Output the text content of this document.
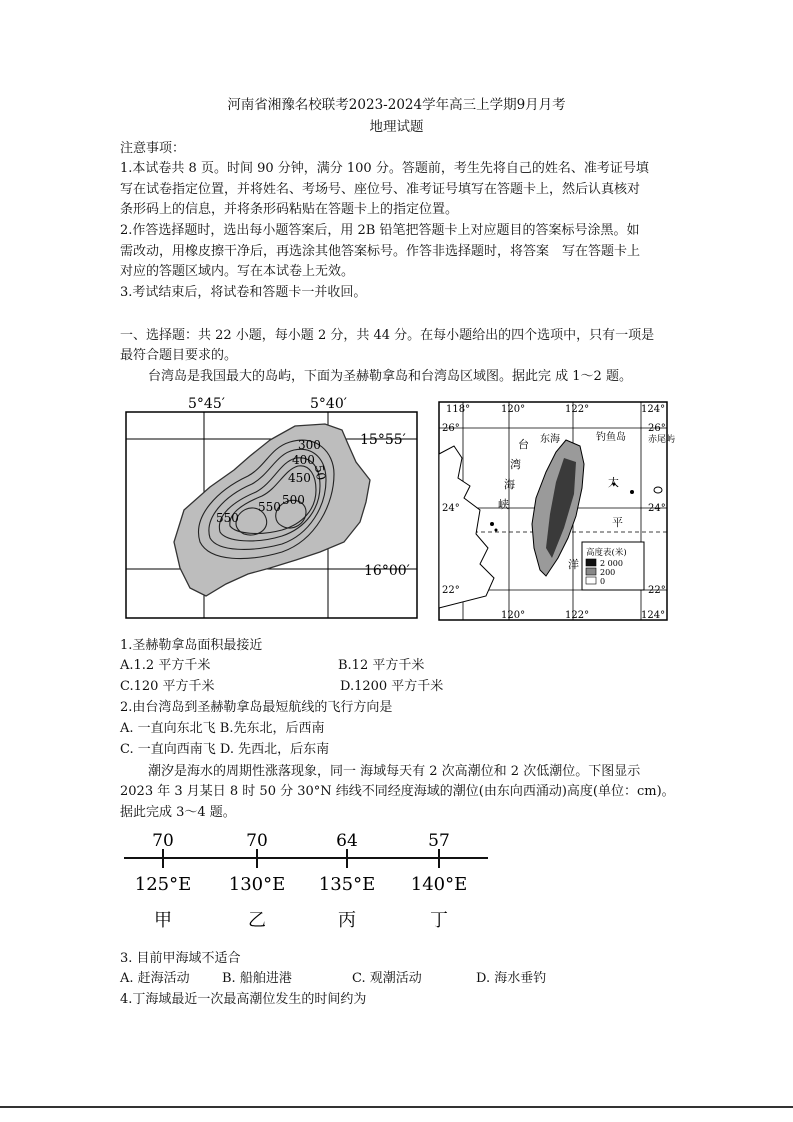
河南省湘豫名校联考2023-2024学年高三上学期9月月考
地理试题
注意事项：
1.本试卷共 8 页。时间 90 分钟，满分 100 分。答题前，考生先将自己的姓名、准考证号填
写在试卷指定位置，并将姓名、考场号、座位号、准考证号填写在答题卡上，然后认真核对
条形码上的信息，并将条形码粘贴在答题卡上的指定位置。
2.作答选择题时，选出每小题答案后，用 2B 铅笔把答题卡上对应题目的答案标号涂黑。如
需改动，用橡皮擦干净后，再选涂其他答案标号。作答非选择题时，将答案　写在答题卡上
对应的答题区域内。写在本试卷上无效。
3.考试结束后，将试卷和答题卡一并收回。
一、选择题：共 22 小题，每小题 2 分，共 44 分。在每小题给出的四个选项中，只有一项是
最符合题目要求的。
台湾岛是我国最大的岛屿，下面为圣赫勒拿岛和台湾岛区域图。据此完 成 1～2 题。
5°45′	5°40′
15°55′
16°00′
300
400
450
500
550
550
50
118°	120°	122°	124°
120°	122°	124°
26°
24°
22°
26°
24°
22°
东海	钓鱼岛 赤尾屿
台
湾
海
峡
太
平
洋
高度表(米)
2 000
200
0
1.圣赫勒拿岛面积最接近
A.1.2 平方千米	B.12 平方千米
C.120 平方千米	D.1200 平方千米
2.由台湾岛到圣赫勒拿岛最短航线的飞行方向是
A. 一直向东北飞 B.先东北，后西南
C. 一直向西南飞 D. 先西北，后东南
潮汐是海水的周期性涨落现象，同一 海域每天有 2 次高潮位和 2 次低潮位。下图显示
2023 年 3 月某日 8 时 50 分 30°N 纬线不同经度海域的潮位(由东向西涌动)高度(单位：cm)。
据此完成 3～4 题。
70
125°E
甲
70
130°E
乙
64
135°E
丙
57
140°E
丁
3. 目前甲海域不适合
A. 赶海活动 B. 船舶进港	C. 观潮活动	D. 海水垂钓
4.丁海域最近一次最高潮位发生的时间约为
